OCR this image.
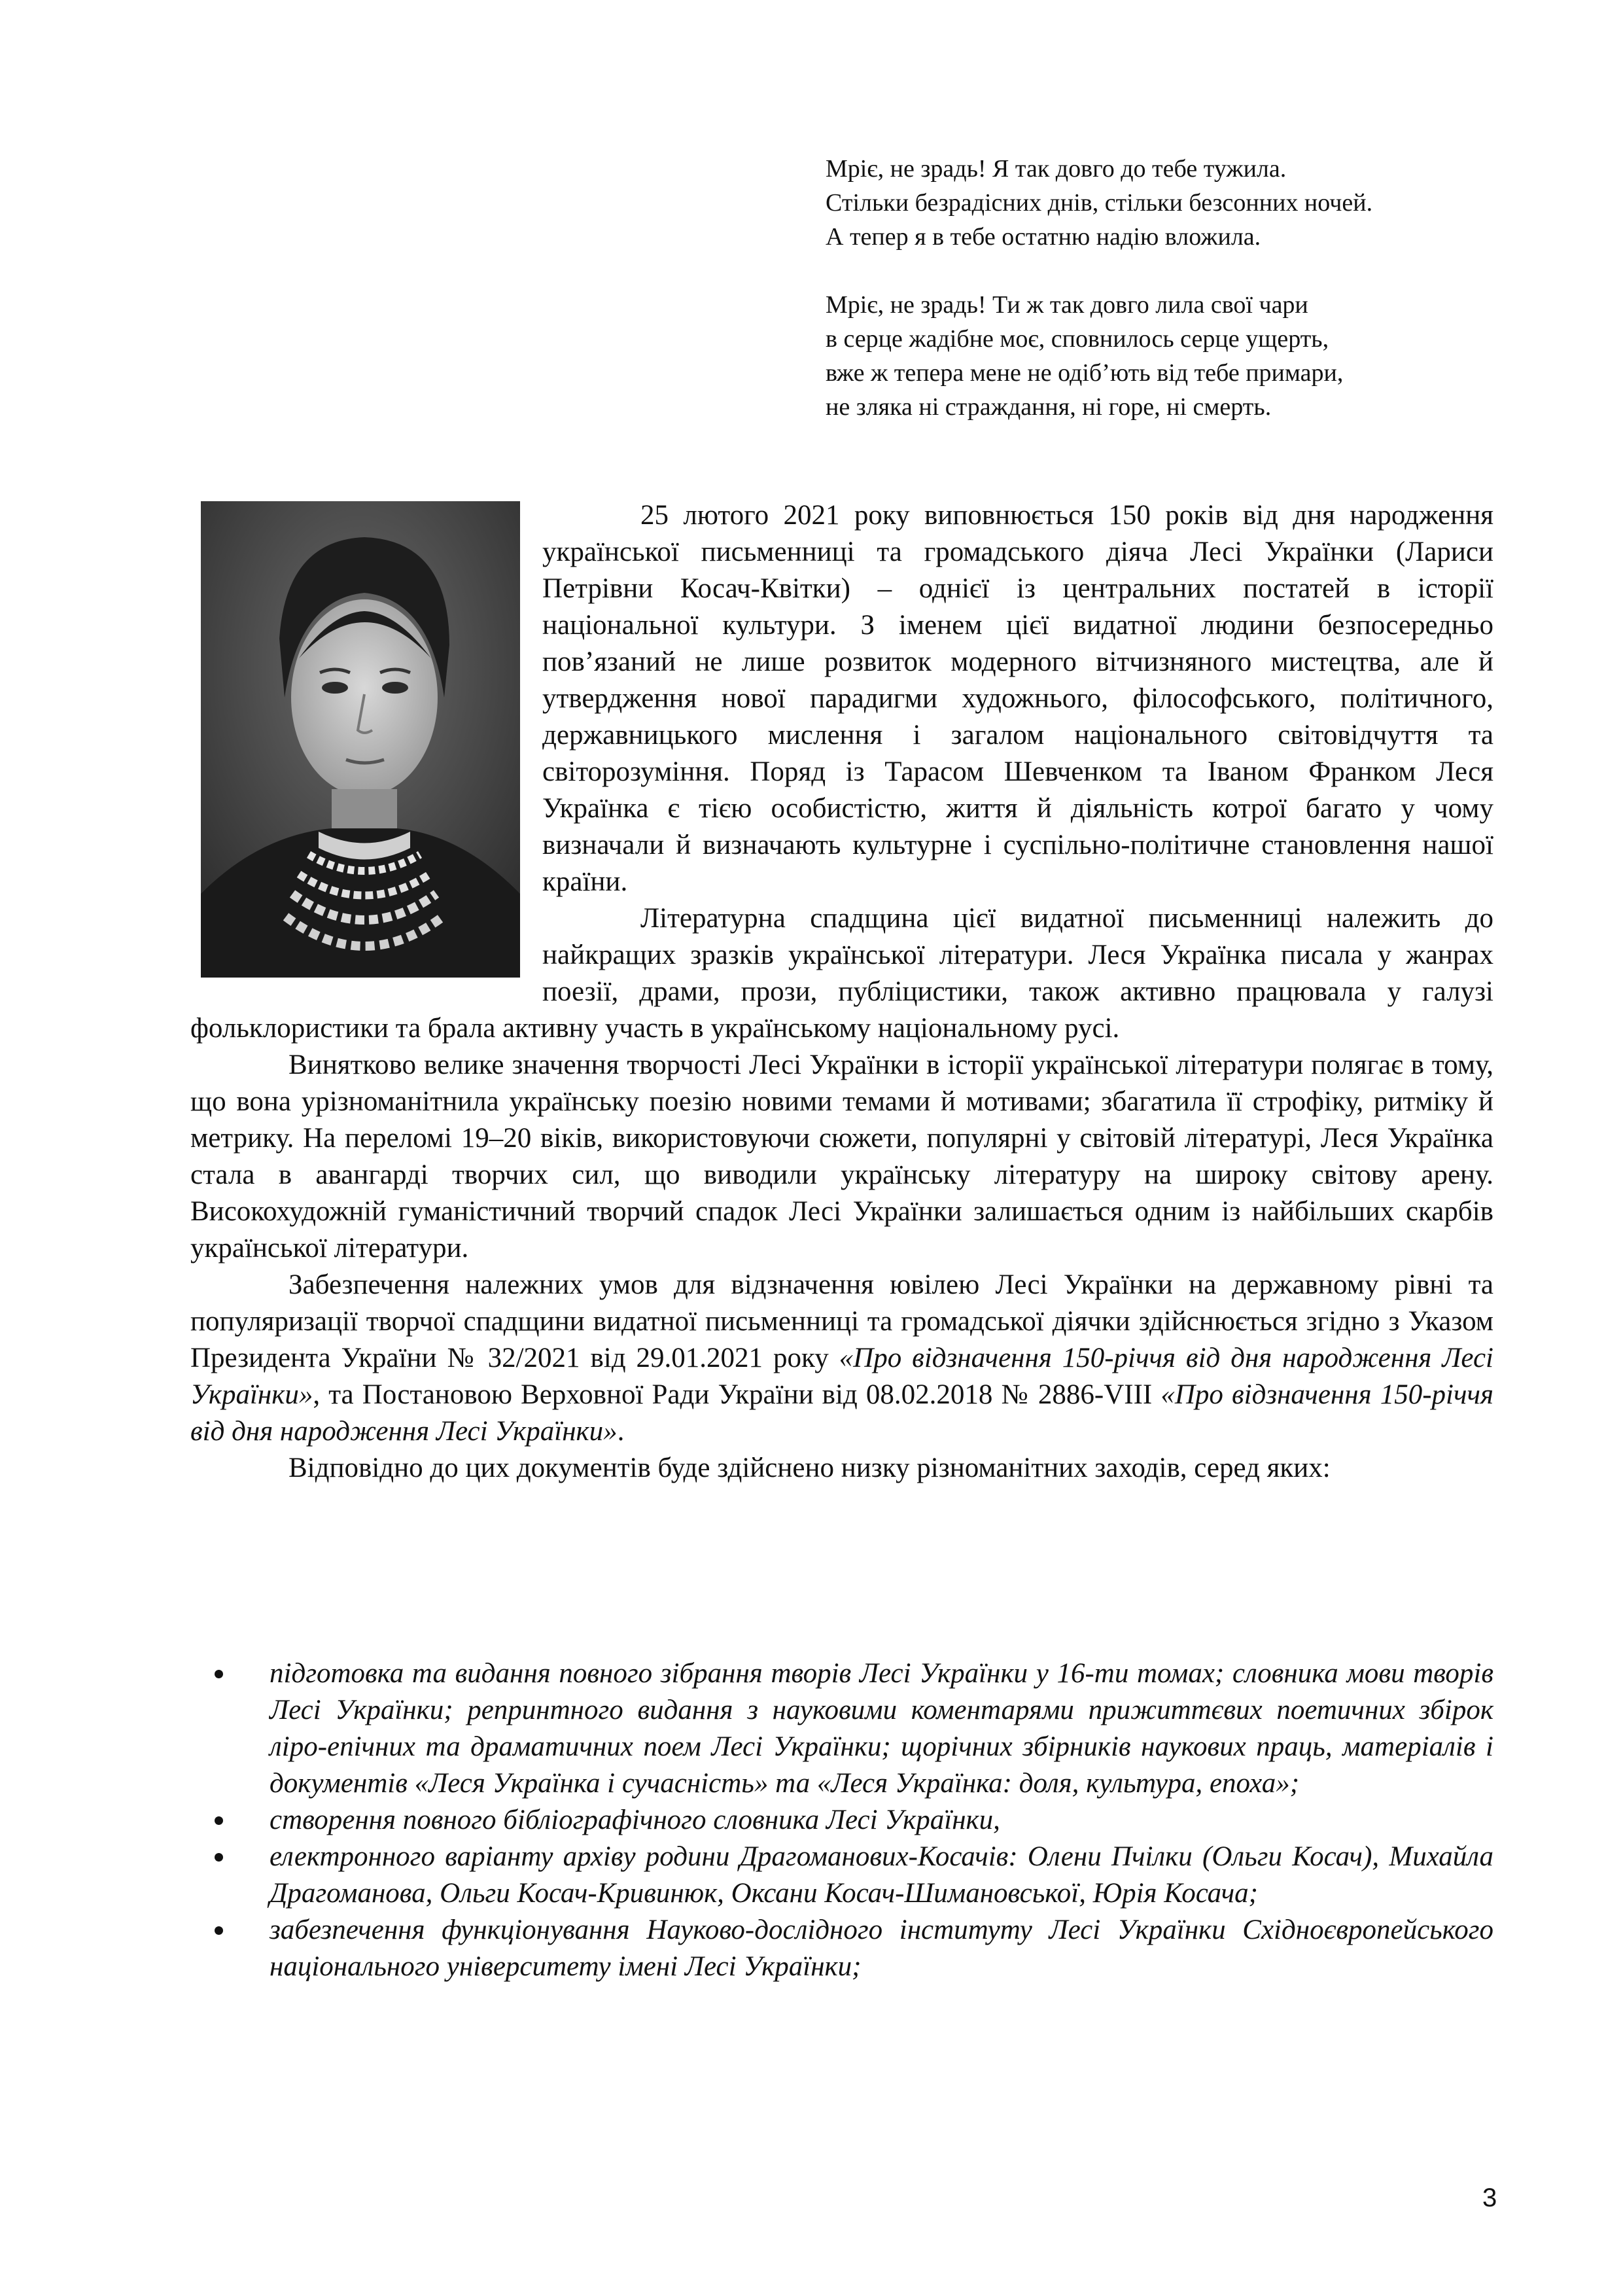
Мріє, не зрадь! Я так довго до тебе тужила.
Стільки безрадісних днів, стільки безсонних ночей.
А тепер я в тебе остатню надію вложила.
Мріє, не зрадь! Ти ж так довго лила свої чари
в серце жадібне моє, сповнилось серце ущерть,
вже ж тепера мене не одіб’ють від тебе примари,
не зляка ні страждання, ні горе, ні смерть.

25 лютого 2021 року виповнюється 150 років від дня народження української письменниці та громадського діяча Лесі Українки (Лариси Петрівни Косач-Квітки) – однієї із центральних постатей в історії національної культури. З іменем цієї видатної людини безпосередньо пов’язаний не лише розвиток модерного вітчизняного мистецтва, але й утвердження нової парадигми художнього, філософського, політичного, державницького мислення і загалом національного світовідчуття та світорозуміння. Поряд із Тарасом Шевченком та Іваном Франком Леся Українка є тією особистістю, життя й діяльність котрої багато у чому визначали й визначають культурне і суспільно-політичне становлення нашої країни.

Літературна спадщина цієї видатної письменниці належить до найкращих зразків української літератури. Леся Українка писала у жанрах поезії, драми, прози, публіцистики, також активно працювала у галузі фольклористики та брала активну участь в українському національному русі.

Винятково велике значення творчості Лесі Українки в історії української літератури полягає в тому, що вона урізноманітнила українську поезію новими темами й мотивами; збагатила її строфіку, ритміку й метрику. На переломі 19–20 віків, використовуючи сюжети, популярні у світовій літературі, Леся Українка стала в авангарді творчих сил, що виводили українську літературу на широку світову арену. Високохудожній гуманістичний творчий спадок Лесі Українки залишається одним із найбільших скарбів української літератури.

Забезпечення належних умов для відзначення ювілею Лесі Українки на державному рівні та популяризації творчої спадщини видатної письменниці та громадської діячки здійснюється згідно з Указом Президента України № 32/2021 від 29.01.2021 року «Про відзначення 150-річчя від дня народження Лесі Українки», та Постановою Верховної Ради України від 08.02.2018 № 2886-VIII «Про відзначення 150-річчя від дня народження Лесі Українки».

Відповідно до цих документів буде здійснено низку різноманітних заходів, серед яких:

підготовка та видання повного зібрання творів Лесі Українки у 16-ти томах; словника мови творів Лесі Українки; репринтного видання з науковими коментарями прижиттєвих поетичних збірок ліро-епічних та драматичних поем Лесі Українки; щорічних збірників наукових праць, матеріалів і документів «Леся Українка і сучасність» та «Леся Українка: доля, культура, епоха»;
створення повного бібліографічного словника Лесі Українки,
електронного варіанту архіву родини Драгоманових-Косачів: Олени Пчілки (Ольги Косач), Михайла Драгоманова, Ольги Косач-Кривинюк, Оксани Косач-Шимановської, Юрія Косача;
забезпечення функціонування Науково-дослідного інституту Лесі Українки Східноєвропейського національного університету імені Лесі Українки;
3
